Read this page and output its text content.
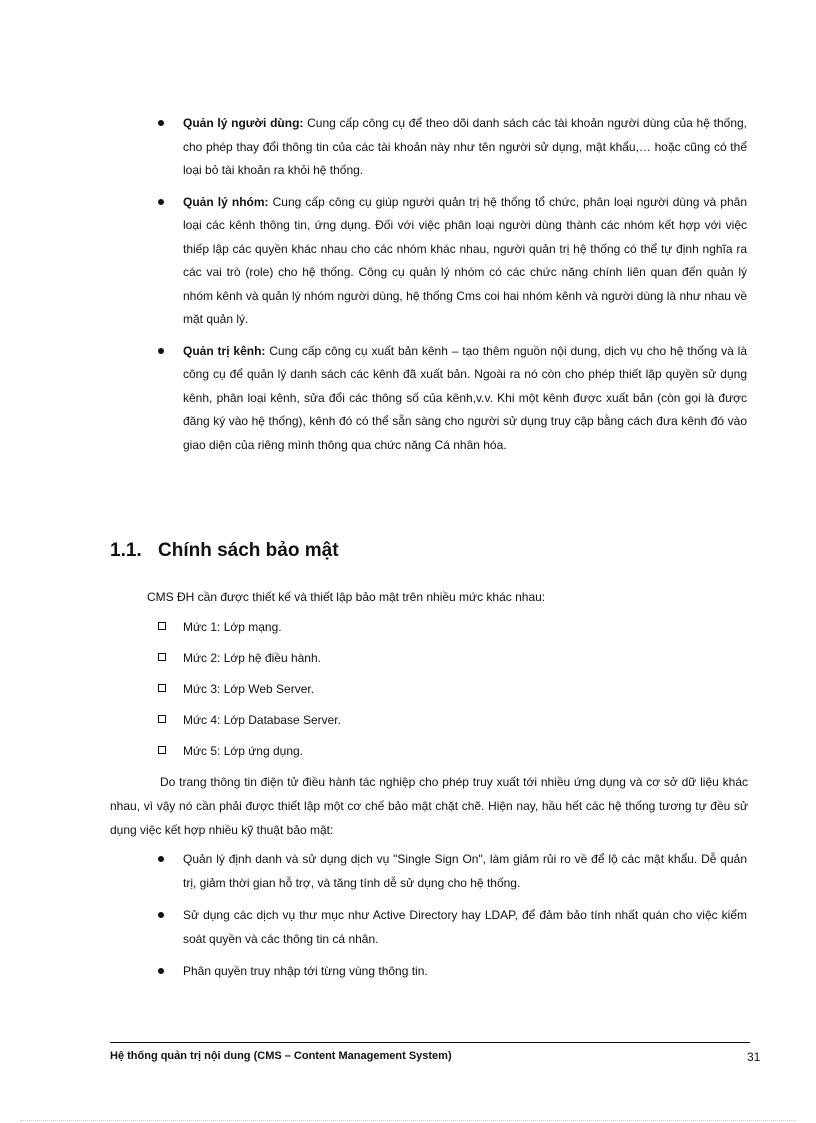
Quản lý người dùng: Cung cấp công cụ để theo dõi danh sách các tài khoản người dùng của hệ thống, cho phép thay đổi thông tin của các tài khoản này như tên người sử dụng, mật khẩu,… hoặc cũng có thể loại bỏ tài khoản ra khỏi hệ thống.
Quản lý nhóm: Cung cấp công cụ giúp người quản trị hệ thống tổ chức, phân loại người dùng và phân loại các kênh thông tin, ứng dụng. Đối với việc phân loại người dùng thành các nhóm kết hợp với việc thiếp lập các quyền khác nhau cho các nhóm khác nhau, người quản trị hệ thống có thể tự định nghĩa ra các vai trò (role) cho hệ thống. Công cụ quản lý nhóm có các chức năng chính liên quan đến quản lý nhóm kênh và quản lý nhóm người dùng, hệ thống Cms coi hai nhóm kênh và người dùng là như nhau về mặt quản lý.
Quản trị kênh: Cung cấp công cụ xuất bản kênh – tạo thêm nguồn nội dung, dịch vụ cho hệ thống và là công cụ để quản lý danh sách các kênh đã xuất bản. Ngoài ra nó còn cho phép thiết lập quyền sử dụng kênh, phân loại kênh, sửa đổi các thông số của kênh,v.v. Khi một kênh được xuất bản (còn gọi là được đăng ký vào hệ thống), kênh đó có thể sẵn sàng cho người sử dụng truy cập bằng cách đưa kênh đó vào giao diện của riêng mình thông qua chức năng Cá nhân hóa.
1.1. Chính sách bảo mật
CMS ĐH cần được thiết kế và thiết lập bảo mật trên nhiều mức khác nhau:
Mức 1: Lớp mạng.
Mức 2: Lớp hệ điều hành.
Mức 3: Lớp Web Server.
Mức 4: Lớp Database Server.
Mức 5: Lớp ứng dụng.

Do trang thông tin điện tử điều hành tác nghiệp cho phép truy xuất tới nhiều ứng dụng và cơ sở dữ liệu khác nhau, vì vậy nó cần phải được thiết lập một cơ chế bảo mật chặt chẽ. Hiện nay, hầu hết các hệ thống tương tự đều sử dụng việc kết hợp nhiều kỹ thuật bảo mật:

Quản lý định danh và sử dụng dịch vụ "Single Sign On", làm giảm rủi ro về để lộ các mật khẩu. Dễ quản trị, giảm thời gian hỗ trợ, và tăng tính dễ sử dụng cho hệ thống.
Sử dụng các dịch vụ thư mục như Active Directory hay LDAP, để đảm bảo tính nhất quán cho việc kiểm soát quyền và các thông tin cá nhân.
Phân quyền truy nhập tới từng vùng thông tin.
Hệ thống quản trị nội dung (CMS – Content Management System)	31
